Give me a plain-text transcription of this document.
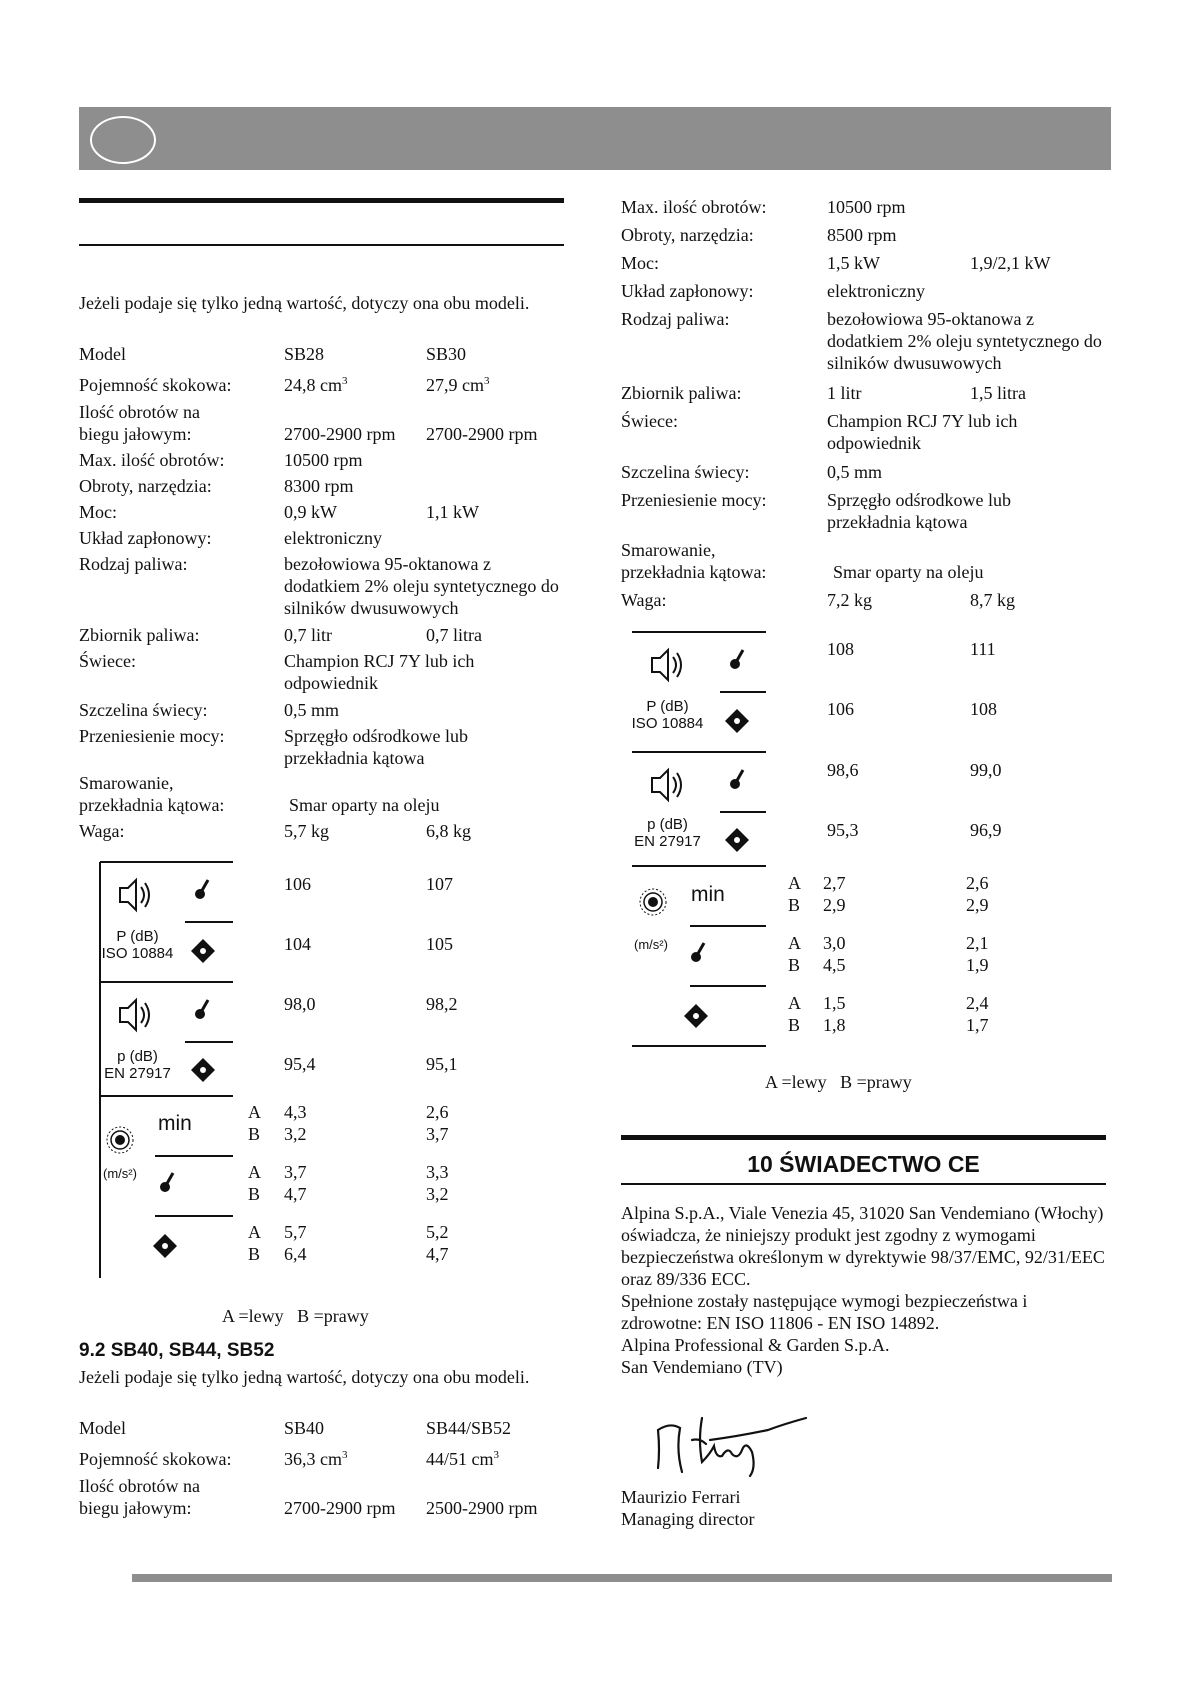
Jeżeli podaje się tylko jedną wartość, dotyczy ona obu modeli.
Model	SB28	SB30
Pojemność skokowa:	24,8 $cm^3$	27,9 $cm^3$
Ilość obrotów na
biegu jałowym:	2700-2900 rpm 2700-2900 rpm
Max. ilość obrotów:	10500 rpm
Obroty, narzędzia:	8300 rpm
Moc:	0,9 kW	1,1 kW
Układ zapłonowy:	elektroniczny
Rodzaj paliwa:	bezołowiowa 95-oktanowa z dodatkiem 2% oleju syntetycznego do silników dwusuwowych
Zbiornik paliwa:	0,7 litr	0,7 litra
Świece:	Champion RCJ 7Y lub ich odpowiednik
Szczelina świecy:	0,5 mm
Przeniesienie mocy:	Sprzęgło odśrodkowe lub przekładnia kątowa
Smarowanie,
przekładnia kątowa:	Smar oparty na oleju
Waga:	5,7 kg	6,8 kg
P (dB)
ISO 10884
p (dB)
EN 27917
min
(m/s²)
106	107
104	105
98,0	98,2
95,4	95,1
A 4,3	2,6
B 3,2	3,7
A 3,7	3,3
B 4,7	3,2
A 5,7	5,2
B 6,4	4,7
A =lewy   B =prawy
9.2 SB40, SB44, SB52
Jeżeli podaje się tylko jedną wartość, dotyczy ona obu modeli.
Model	SB40	SB44/SB52
Pojemność skokowa:	36,3 $cm^3$	44/51 $cm^3$
Ilość obrotów na
biegu jałowym:	2700-2900 rpm 2500-2900 rpm
Max. ilość obrotów:	10500 rpm
Obroty, narzędzia:	8500 rpm
Moc:	1,5 kW	1,9/2,1 kW
Układ zapłonowy:	elektroniczny
Rodzaj paliwa:	bezołowiowa 95-oktanowa z dodatkiem 2% oleju syntetycznego do silników dwusuwowych
Zbiornik paliwa:	1 litr	1,5 litra
Świece:	Champion RCJ 7Y lub ich odpowiednik
Szczelina świecy:	0,5 mm
Przeniesienie mocy:	Sprzęgło odśrodkowe lub przekładnia kątowa
Smarowanie,
przekładnia kątowa:	Smar oparty na oleju
Waga:	7,2 kg	8,7 kg
P (dB)
ISO 10884
p (dB)
EN 27917
min
(m/s²)
108	111
106	108
98,6	99,0
95,3	96,9
A 2,7	2,6
B 2,9	2,9
A 3,0	2,1
B 4,5	1,9
A 1,5	2,4
B 1,8	1,7
A =lewy   B =prawy
10 ŚWIADECTWO CE
Alpina S.p.A., Viale Venezia 45, 31020 San Vendemiano (Włochy) oświadcza, że niniejszy produkt jest zgodny z wymogami bezpieczeństwa określonym w dyrektywie 98/37/EMC, 92/31/EEC oraz 89/336 ECC.
Spełnione zostały następujące wymogi bezpieczeństwa i zdrowotne: EN ISO 11806 - EN ISO 14892.
Alpina Professional & Garden S.p.A.
San Vendemiano (TV)
Maurizio Ferrari
Managing director
